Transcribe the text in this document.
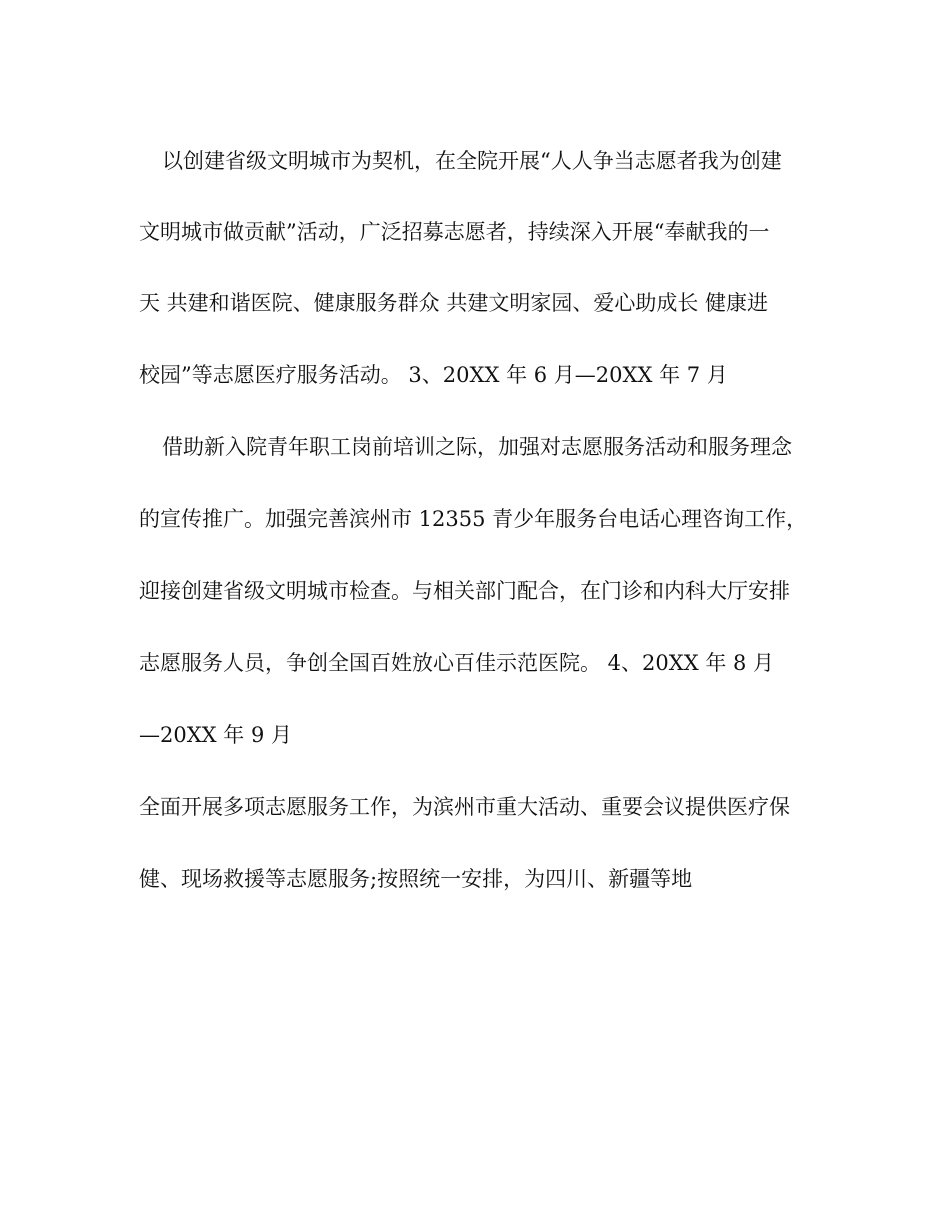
以创建省级文明城市为契机，在全院开展“人人争当志愿者我为创建
文明城市做贡献”活动，广泛招募志愿者，持续深入开展“奉献我的一
天 共建和谐医院、健康服务群众 共建文明家园、爱心助成长 健康进
校园”等志愿医疗服务活动。 3、20XX 年 6 月—20XX 年 7 月
借助新入院青年职工岗前培训之际，加强对志愿服务活动和服务理念
的宣传推广。加强完善滨州市 12355 青少年服务台电话心理咨询工作，
迎接创建省级文明城市检查。与相关部门配合，在门诊和内科大厅安排
志愿服务人员，争创全国百姓放心百佳示范医院。 4、20XX 年 8 月
—20XX 年 9 月
全面开展多项志愿服务工作，为滨州市重大活动、重要会议提供医疗保
健、现场救援等志愿服务;按照统一安排，为四川、新疆等地
